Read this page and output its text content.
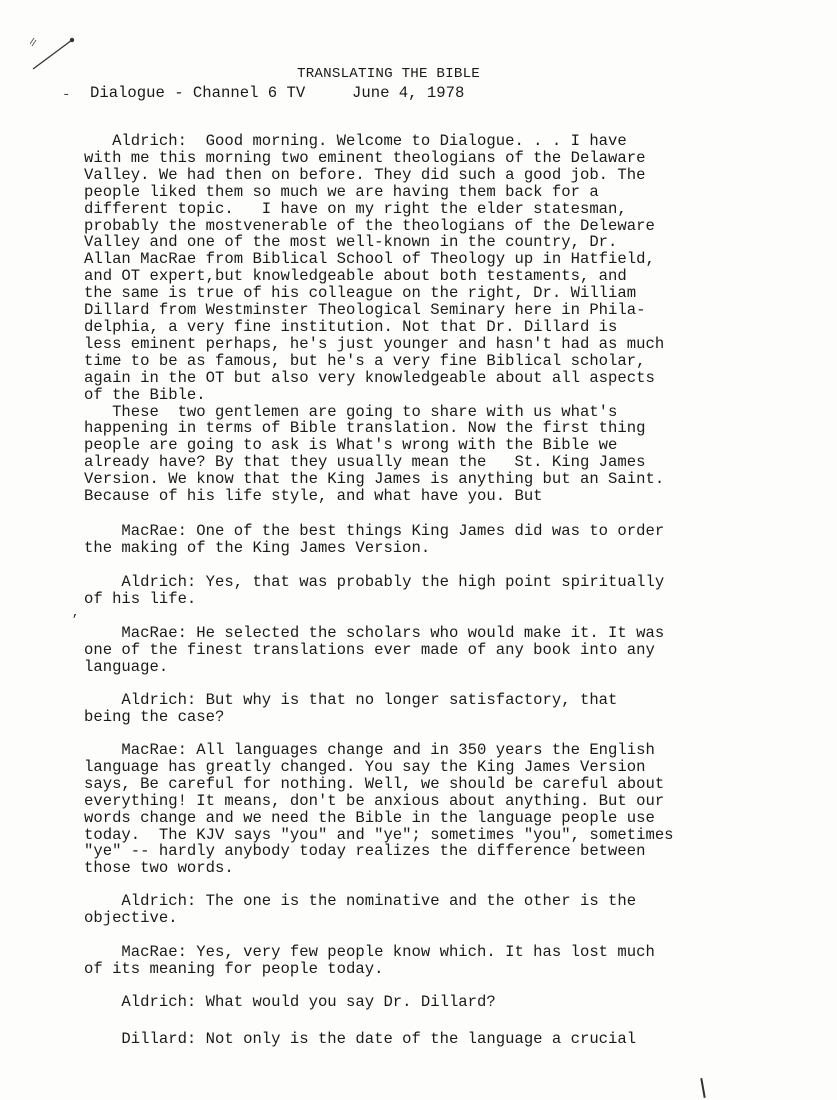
TRANSLATING THE BIBLE
- Dialogue - Channel 6 TV     June 4, 1978
Aldrich:  Good morning. Welcome to Dialogue. . . I have
with me this morning two eminent theologians of the Delaware
Valley. We had then on before. They did such a good job. The
people liked them so much we are having them back for a
different topic.   I have on my right the elder statesman,
probably the mostvenerable of the theologians of the Deleware
Valley and one of the most well-known in the country, Dr.
Allan MacRae from Biblical School of Theology up in Hatfield,
and OT expert,but knowledgeable about both testaments, and
the same is true of his colleague on the right, Dr. William
Dillard from Westminster Theological Seminary here in Phila-
delphia, a very fine institution. Not that Dr. Dillard is
less eminent perhaps, he's just younger and hasn't had as much
time to be as famous, but he's a very fine Biblical scholar,
again in the OT but also very knowledgeable about all aspects
of the Bible.
These  two gentlemen are going to share with us what's
happening in terms of Bible translation. Now the first thing
people are going to ask is What's wrong with the Bible we
already have? By that they usually mean the   St. King James
Version. We know that the King James is anything but an Saint.
Because of his life style, and what have you. But
MacRae: One of the best things King James did was to order
the making of the King James Version.
Aldrich: Yes, that was probably the high point spiritually
of his life.
,
MacRae: He selected the scholars who would make it. It was
one of the finest translations ever made of any book into any
language.
Aldrich: But why is that no longer satisfactory, that
being the case?
MacRae: All languages change and in 350 years the English
language has greatly changed. You say the King James Version
says, Be careful for nothing. Well, we should be careful about
everything! It means, don't be anxious about anything. But our
words change and we need the Bible in the language people use
today.  The KJV says "you" and "ye"; sometimes "you", sometimes
"ye" -- hardly anybody today realizes the difference between
those two words.
Aldrich: The one is the nominative and the other is the
objective.
MacRae: Yes, very few people know which. It has lost much
of its meaning for people today.
Aldrich: What would you say Dr. Dillard?
Dillard: Not only is the date of the language a crucial
